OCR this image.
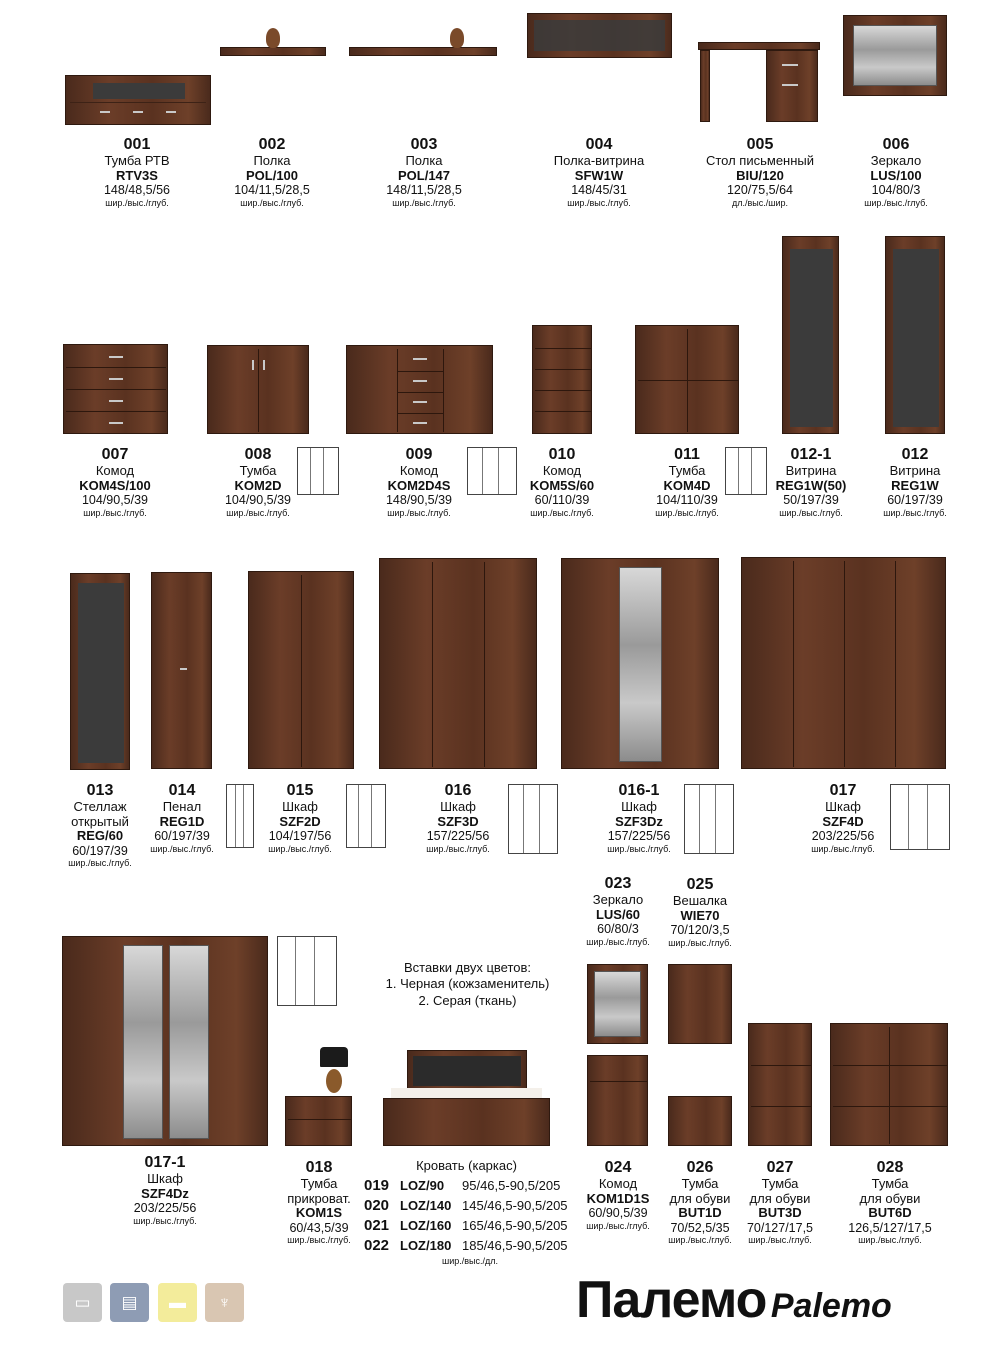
001
Тумба РТВ
RTV3S
148/48,5/56
шир./выс./глуб.
002
Полка
POL/100
104/11,5/28,5
шир./выс./глуб.
003
Полка
POL/147
148/11,5/28,5
шир./выс./глуб.
004
Полка-витрина
SFW1W
148/45/31
шир./выс./глуб.
005
Стол письменный
BIU/120
120/75,5/64
дл./выс./шир.
006
Зеркало
LUS/100
104/80/3
шир./выс./глуб.
007
Комод
KOM4S/100
104/90,5/39
шир./выс./глуб.
008
Тумба
KOM2D
104/90,5/39
шир./выс./глуб.
009
Комод
KOM2D4S
148/90,5/39
шир./выс./глуб.
010
Комод
KOM5S/60
60/110/39
шир./выс./глуб.
011
Тумба
KOM4D
104/110/39
шир./выс./глуб.
012-1
Витрина
REG1W(50)
50/197/39
шир./выс./глуб.
012
Витрина
REG1W
60/197/39
шир./выс./глуб.
013
Стеллаж
открытый
REG/60
60/197/39
шир./выс./глуб.
014
Пенал
REG1D
60/197/39
шир./выс./глуб.
015
Шкаф
SZF2D
104/197/56
шир./выс./глуб.
016
Шкаф
SZF3D
157/225/56
шир./выс./глуб.
016-1
Шкаф
SZF3Dz
157/225/56
шир./выс./глуб.
017
Шкаф
SZF4D
203/225/56
шир./выс./глуб.
023
Зеркало
LUS/60
60/80/3
шир./выс./глуб.
025
Вешалка
WIE70
70/120/3,5
шир./выс./глуб.
017-1
Шкаф
SZF4Dz
203/225/56
шир./выс./глуб.
018
Тумба
прикроват.
KOM1S
60/43,5/39
шир./выс./глуб.
024
Комод
KOM1D1S
60/90,5/39
шир./выс./глуб.
026
Тумба
для обуви
BUT1D
70/52,5/35
шир./выс./глуб.
027
Тумба
для обуви
BUT3D
70/127/17,5
шир./выс./глуб.
028
Тумба
для обуви
BUT6D
126,5/127/17,5
шир./выс./глуб.
Вставки двух цветов:
1. Черная (кожзаменитель)
2. Серая (ткань)
Кровать (каркас)
019 LOZ/90 95/46,5-90,5/205
020 LOZ/140 145/46,5-90,5/205
021 LOZ/160 165/46,5-90,5/205
022 LOZ/180 185/46,5-90,5/205
шир./выс./дл.
▭	▤	▬	♆	Палемо Palemo
